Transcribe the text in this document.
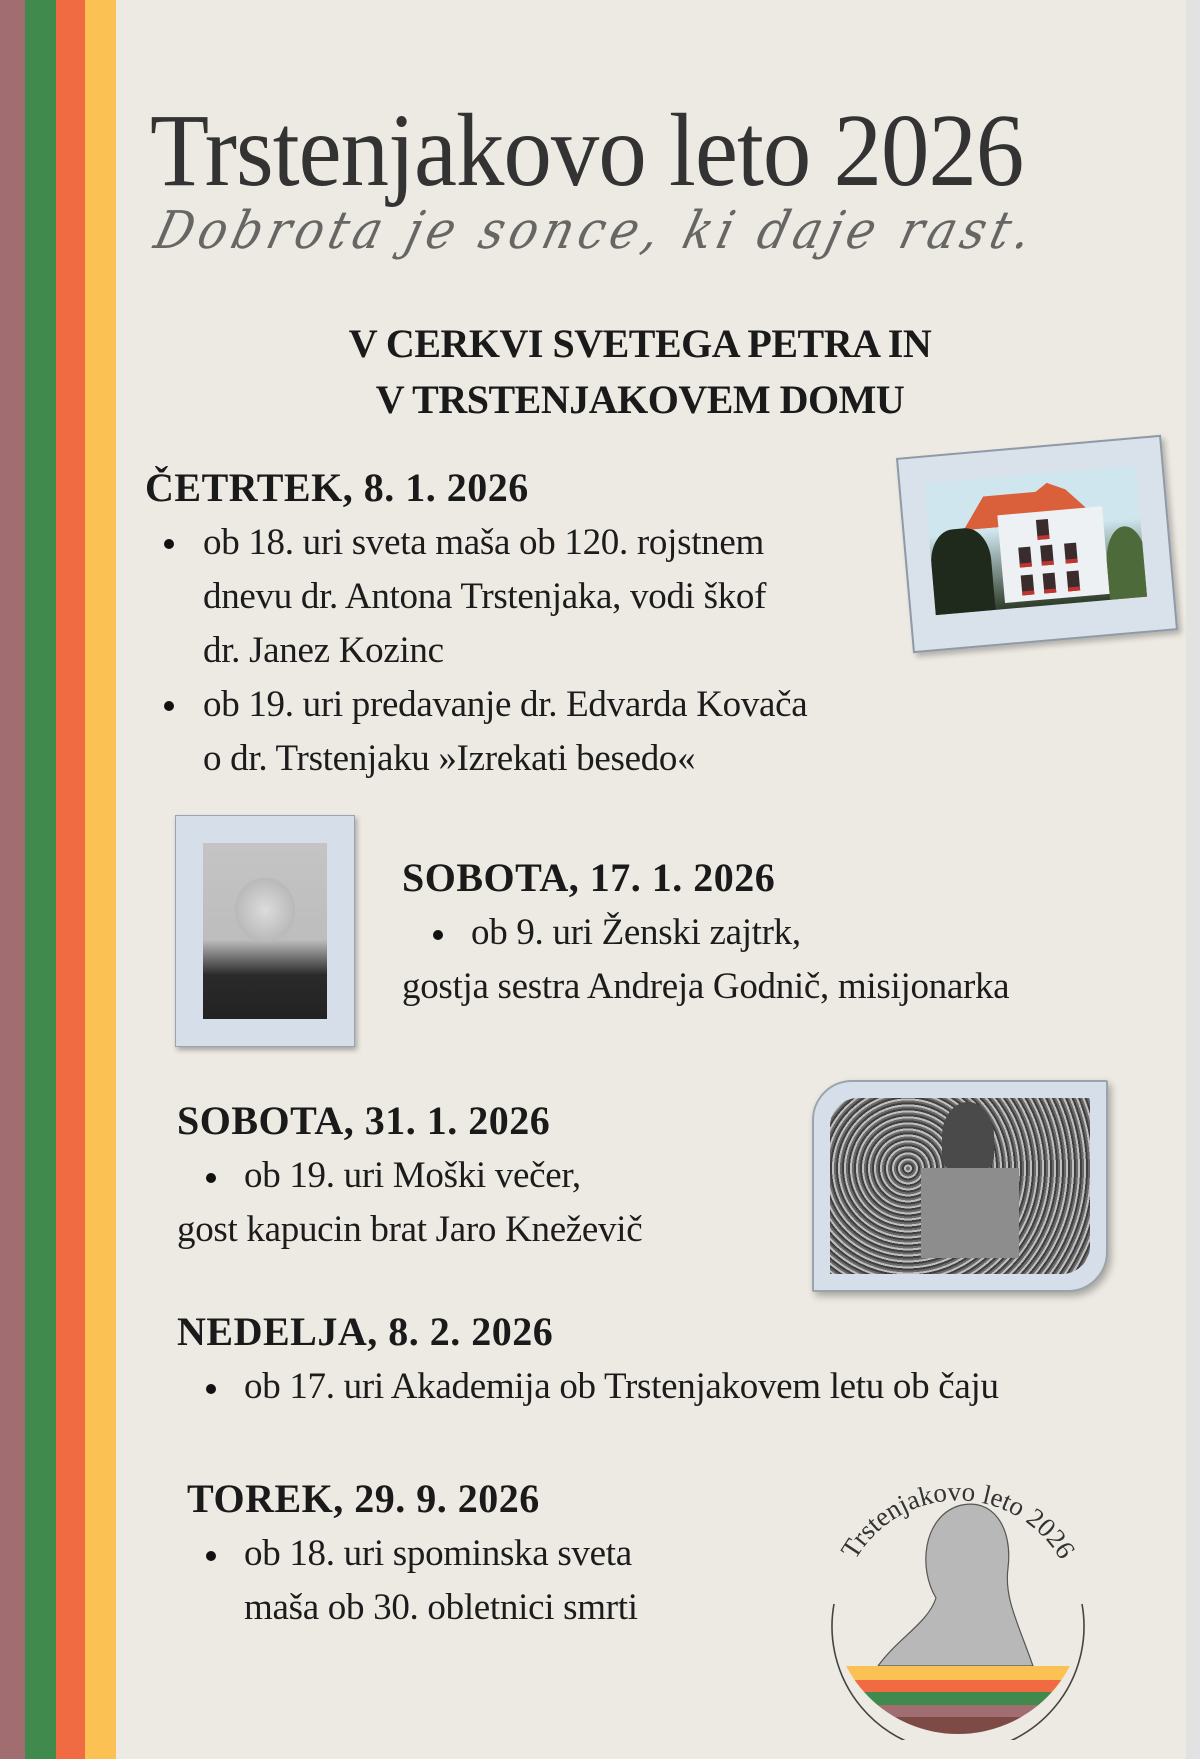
Trstenjakovo leto 2026
Dobrota je sonce, ki daje rast.
V CERKVI SVETEGA PETRA IN
V TRSTENJAKOVEM DOMU
ČETRTEK, 8. 1. 2026
ob 18. uri sveta maša ob 120. rojstnem
dnevu dr. Antona Trstenjaka, vodi škof
dr. Janez Kozinc
ob 19. uri predavanje dr. Edvarda Kovača
o dr. Trstenjaku »Izrekati besedo«
SOBOTA, 17. 1. 2026
ob 9. uri Ženski zajtrk,
gostja sestra Andreja Godnič, misijonarka
SOBOTA, 31. 1. 2026
ob 19. uri Moški večer,
gost kapucin brat Jaro Kneževič
NEDELJA, 8. 2. 2026
ob 17. uri Akademija ob Trstenjakovem letu ob čaju
TOREK, 29. 9. 2026
ob 18. uri spominska sveta
maša ob 30. obletnici smrti
Trstenjakovo leto 2026
